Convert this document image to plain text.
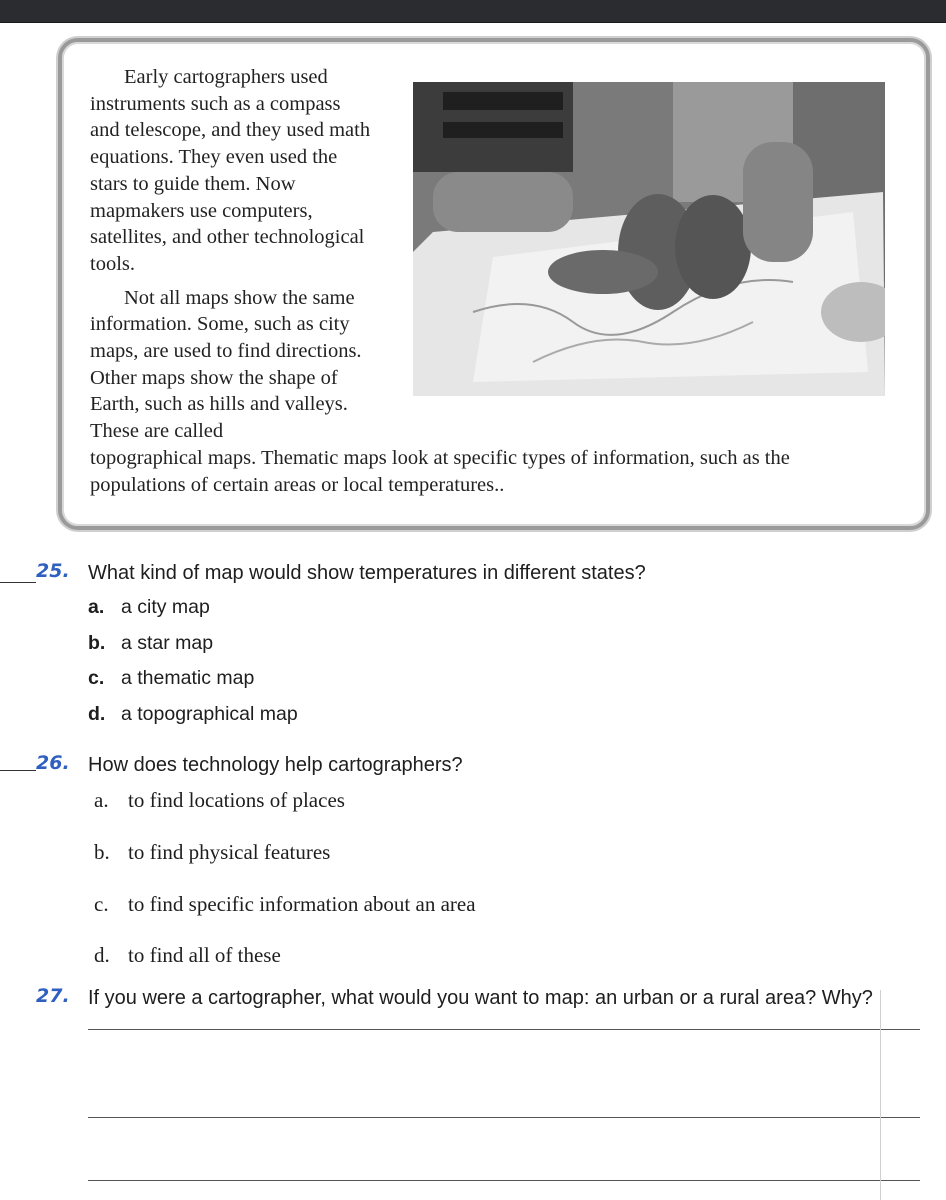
Early cartographers used instruments such as a compass and telescope, and they used math equations. They even used the stars to guide them. Now mapmakers use computers, satellites, and other technological tools.

Not all maps show the same information. Some, such as city maps, are used to find directions. Other maps show the shape of Earth, such as hills and valleys. These are called

topographical maps. Thematic maps look at specific types of information, such as the populations of certain areas or local temperatures..

25. What kind of map would show temperatures in different states?
a. a city map
b. a star map
c. a thematic map
d. a topographical map
26. How does technology help cartographers?
a. to find locations of places
b. to find physical features
c. to find specific information about an area
d. to find all of these
27. If you were a cartographer, what would you want to map: an urban or a rural area? Why?
